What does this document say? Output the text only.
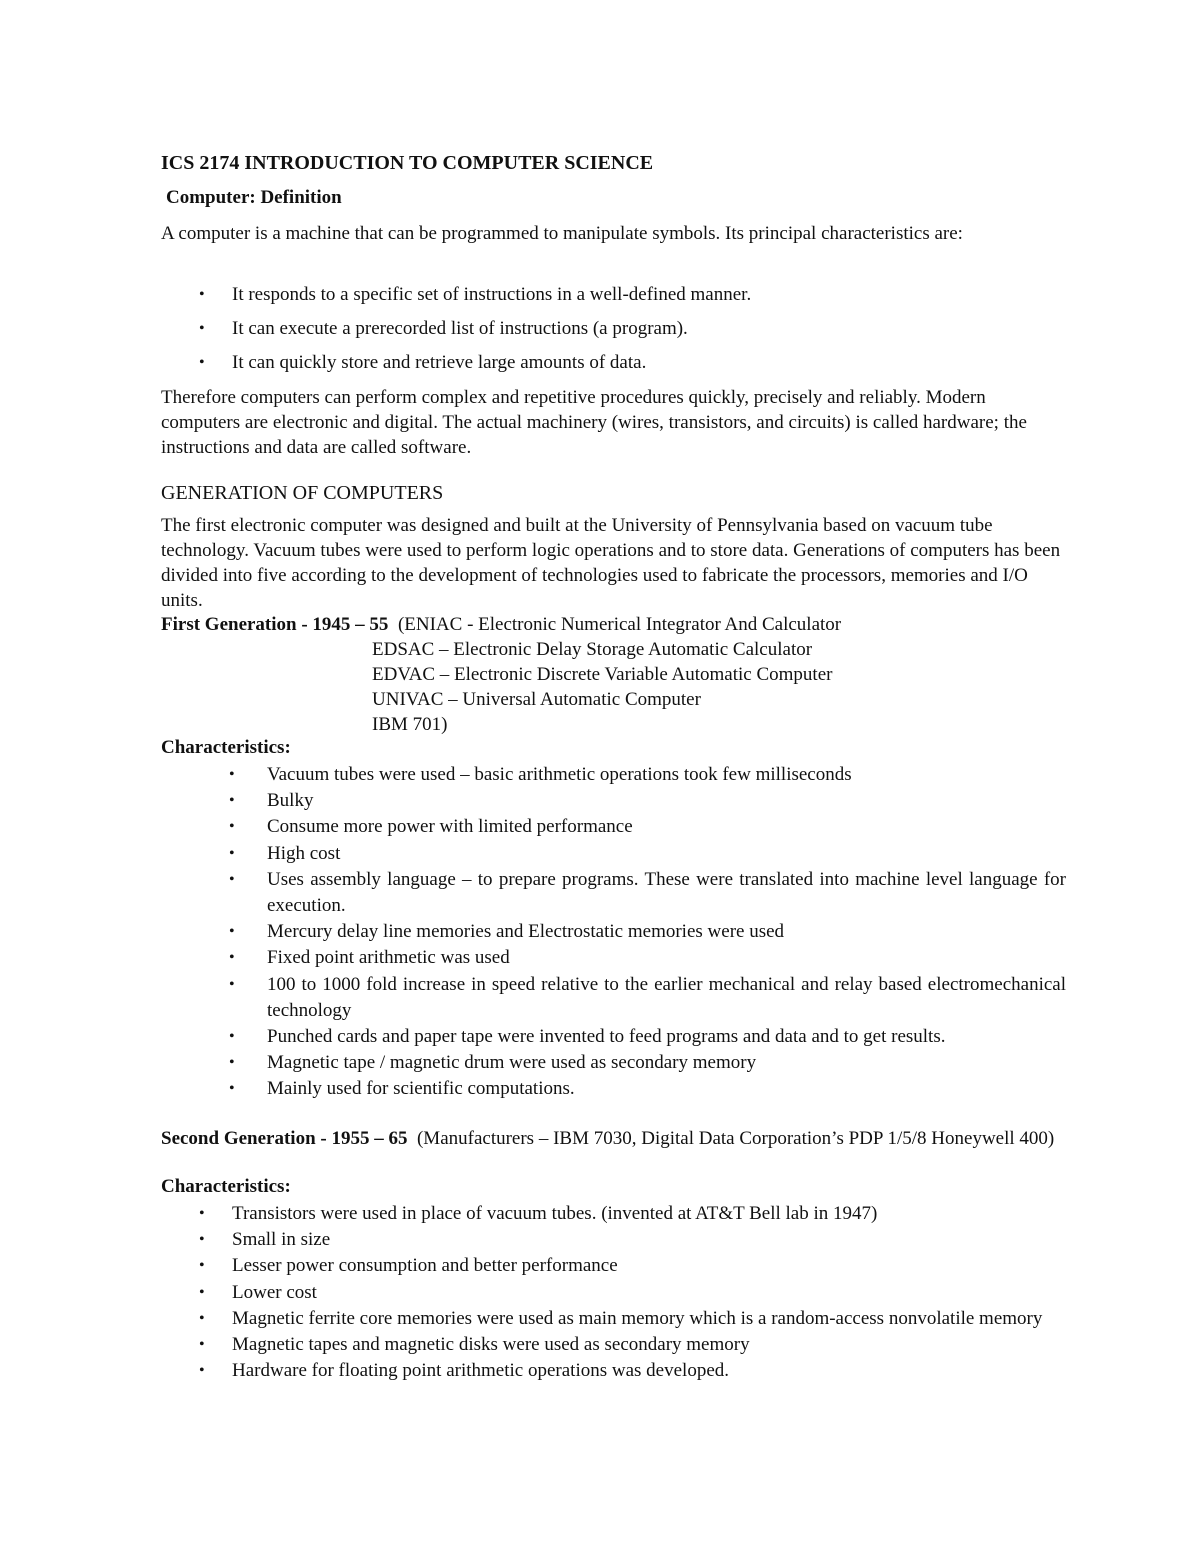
ICS 2174 INTRODUCTION TO COMPUTER SCIENCE
Computer: Definition

A computer is a machine that can be programmed to manipulate symbols. Its principal characteristics are:

• It responds to a specific set of instructions in a well-defined manner.
• It can execute a prerecorded list of instructions (a program).
• It can quickly store and retrieve large amounts of data.

Therefore computers can perform complex and repetitive procedures quickly, precisely and reliably. Modern computers are electronic and digital. The actual machinery (wires, transistors, and circuits) is called hardware; the instructions and data are called software.

GENERATION OF COMPUTERS

The first electronic computer was designed and built at the University of Pennsylvania based on vacuum tube technology. Vacuum tubes were used to perform logic operations and to store data. Generations of computers has been divided into five according to the development of technologies used to fabricate the processors, memories and I/O units.

First Generation - 1945 – 55 (ENIAC - Electronic Numerical Integrator And Calculator

EDSAC – Electronic Delay Storage Automatic Calculator
EDVAC – Electronic Discrete Variable Automatic Computer
UNIVAC – Universal Automatic Computer
IBM 701)

Characteristics:

• Vacuum tubes were used – basic arithmetic operations took few milliseconds
• Bulky
• Consume more power with limited performance
• High cost
• Uses assembly language – to prepare programs. These were translated into machine level language for execution.
• Mercury delay line memories and Electrostatic memories were used
• Fixed point arithmetic was used
• 100 to 1000 fold increase in speed relative to the earlier mechanical and relay based electromechanical technology
• Punched cards and paper tape were invented to feed programs and data and to get results.
• Magnetic tape / magnetic drum were used as secondary memory
• Mainly used for scientific computations.

Second Generation - 1955 – 65 (Manufacturers – IBM 7030, Digital Data Corporation’s PDP 1/5/8 Honeywell 400)

Characteristics:

• Transistors were used in place of vacuum tubes. (invented at AT&T Bell lab in 1947)
• Small in size
• Lesser power consumption and better performance
• Lower cost
• Magnetic ferrite core memories were used as main memory which is a random-access nonvolatile memory
• Magnetic tapes and magnetic disks were used as secondary memory
• Hardware for floating point arithmetic operations was developed.
